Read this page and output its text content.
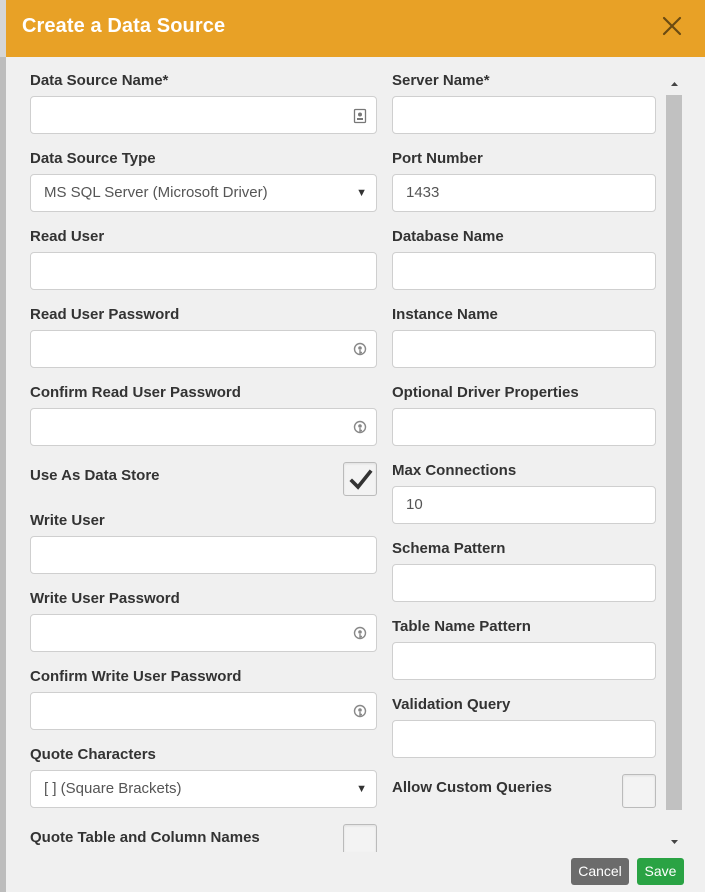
Create a Data Source
Data Source Name*
Data Source Type
MS SQL Server (Microsoft Driver)	▼
Read User
Read User Password
Confirm Read User Password
Use As Data Store
Write User
Write User Password
Confirm Write User Password
Quote Characters
[ ] (Square Brackets)	▼
Quote Table and Column Names
Server Name*
Port Number
1433
Database Name
Instance Name
Optional Driver Properties
Max Connections
10
Schema Pattern
Table Name Pattern
Validation Query
Allow Custom Queries
Cancel	Save
